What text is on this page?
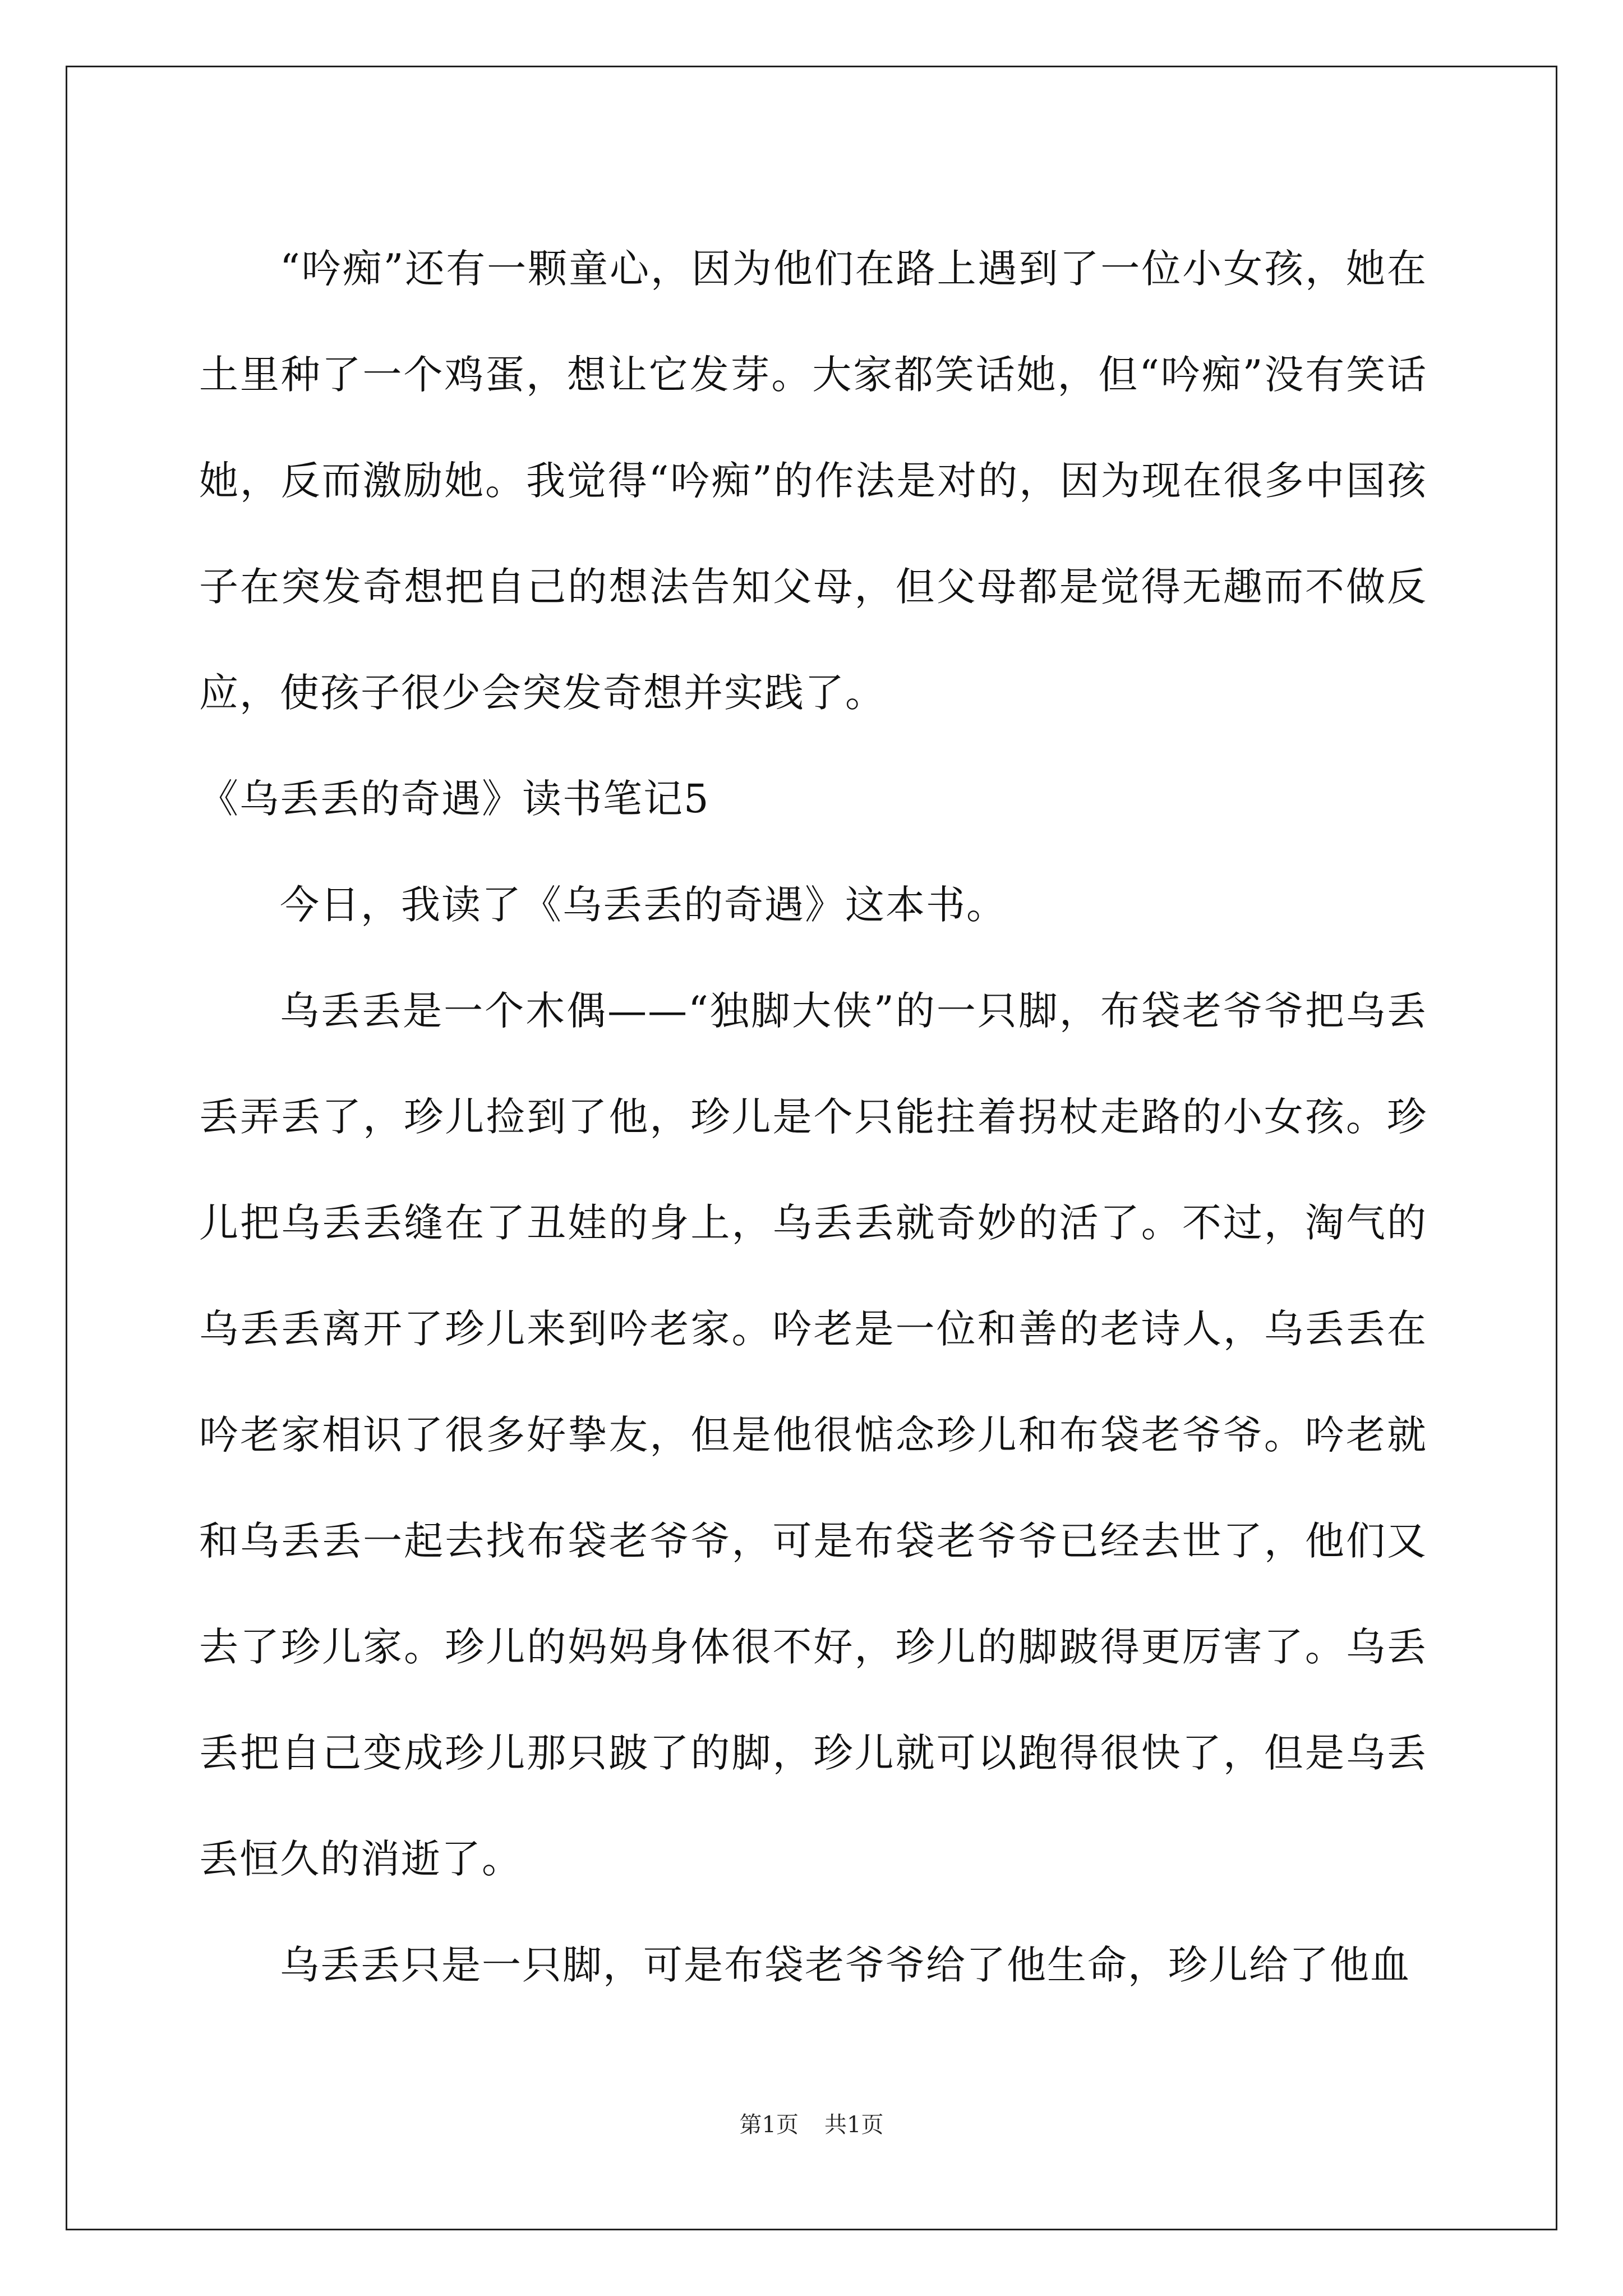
“吟痴”还有一颗童心，因为他们在路上遇到了一位小女孩，她在土里种了一个鸡蛋，想让它发芽。大家都笑话她，但“吟痴”没有笑话她，反而激励她。我觉得“吟痴”的作法是对的，因为现在很多中国孩子在突发奇想把自己的想法告知父母，但父母都是觉得无趣而不做反应，使孩子很少会突发奇想并实践了。

《乌丢丢的奇遇》读书笔记5

今日，我读了《乌丢丢的奇遇》这本书。

乌丢丢是一个木偶——“独脚大侠”的一只脚，布袋老爷爷把乌丢丢弄丢了，珍儿捡到了他，珍儿是个只能拄着拐杖走路的小女孩。珍儿把乌丢丢缝在了丑娃的身上，乌丢丢就奇妙的活了。不过，淘气的乌丢丢离开了珍儿来到吟老家。吟老是一位和善的老诗人，乌丢丢在吟老家相识了很多好挚友，但是他很惦念珍儿和布袋老爷爷。吟老就和乌丢丢一起去找布袋老爷爷，可是布袋老爷爷已经去世了，他们又去了珍儿家。珍儿的妈妈身体很不好，珍儿的脚跛得更厉害了。乌丢丢把自己变成珍儿那只跛了的脚，珍儿就可以跑得很快了，但是乌丢丢恒久的消逝了。

乌丢丢只是一只脚，可是布袋老爷爷给了他生命，珍儿给了他血

第1页 共1页
